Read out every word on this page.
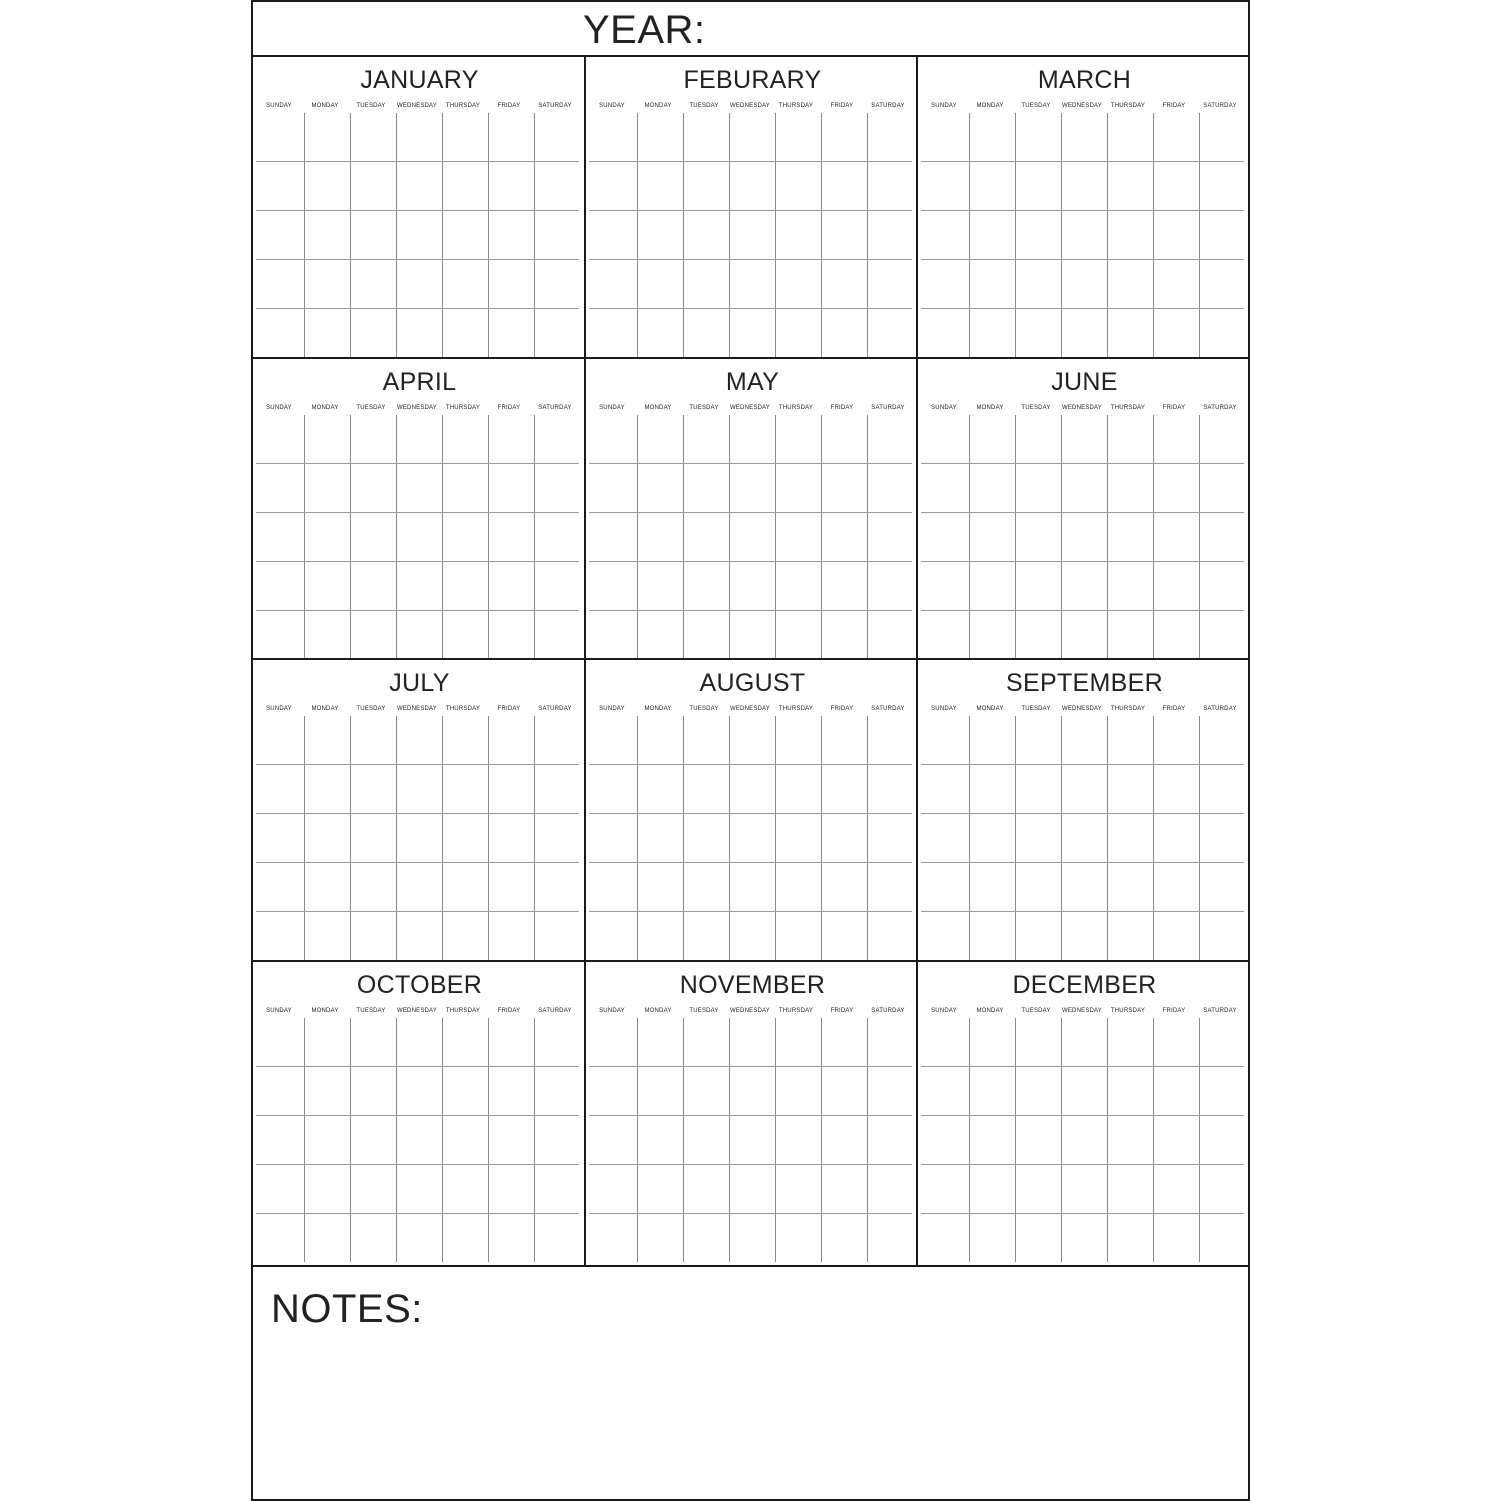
YEAR:
JANUARY
SUNDAY	MONDAY	TUESDAY	WEDNESDAY	THURSDAY	FRIDAY	SATURDAY
FEBURARY
SUNDAY	MONDAY	TUESDAY	WEDNESDAY	THURSDAY	FRIDAY	SATURDAY
MARCH
SUNDAY	MONDAY	TUESDAY	WEDNESDAY	THURSDAY	FRIDAY	SATURDAY
APRIL
SUNDAY	MONDAY	TUESDAY	WEDNESDAY	THURSDAY	FRIDAY	SATURDAY
MAY
SUNDAY	MONDAY	TUESDAY	WEDNESDAY	THURSDAY	FRIDAY	SATURDAY
JUNE
SUNDAY	MONDAY	TUESDAY	WEDNESDAY	THURSDAY	FRIDAY	SATURDAY
JULY
SUNDAY	MONDAY	TUESDAY	WEDNESDAY	THURSDAY	FRIDAY	SATURDAY
AUGUST
SUNDAY	MONDAY	TUESDAY	WEDNESDAY	THURSDAY	FRIDAY	SATURDAY
SEPTEMBER
SUNDAY	MONDAY	TUESDAY	WEDNESDAY	THURSDAY	FRIDAY	SATURDAY
OCTOBER
SUNDAY	MONDAY	TUESDAY	WEDNESDAY	THURSDAY	FRIDAY	SATURDAY
NOVEMBER
SUNDAY	MONDAY	TUESDAY	WEDNESDAY	THURSDAY	FRIDAY	SATURDAY
DECEMBER
SUNDAY	MONDAY	TUESDAY	WEDNESDAY	THURSDAY	FRIDAY	SATURDAY
NOTES:
